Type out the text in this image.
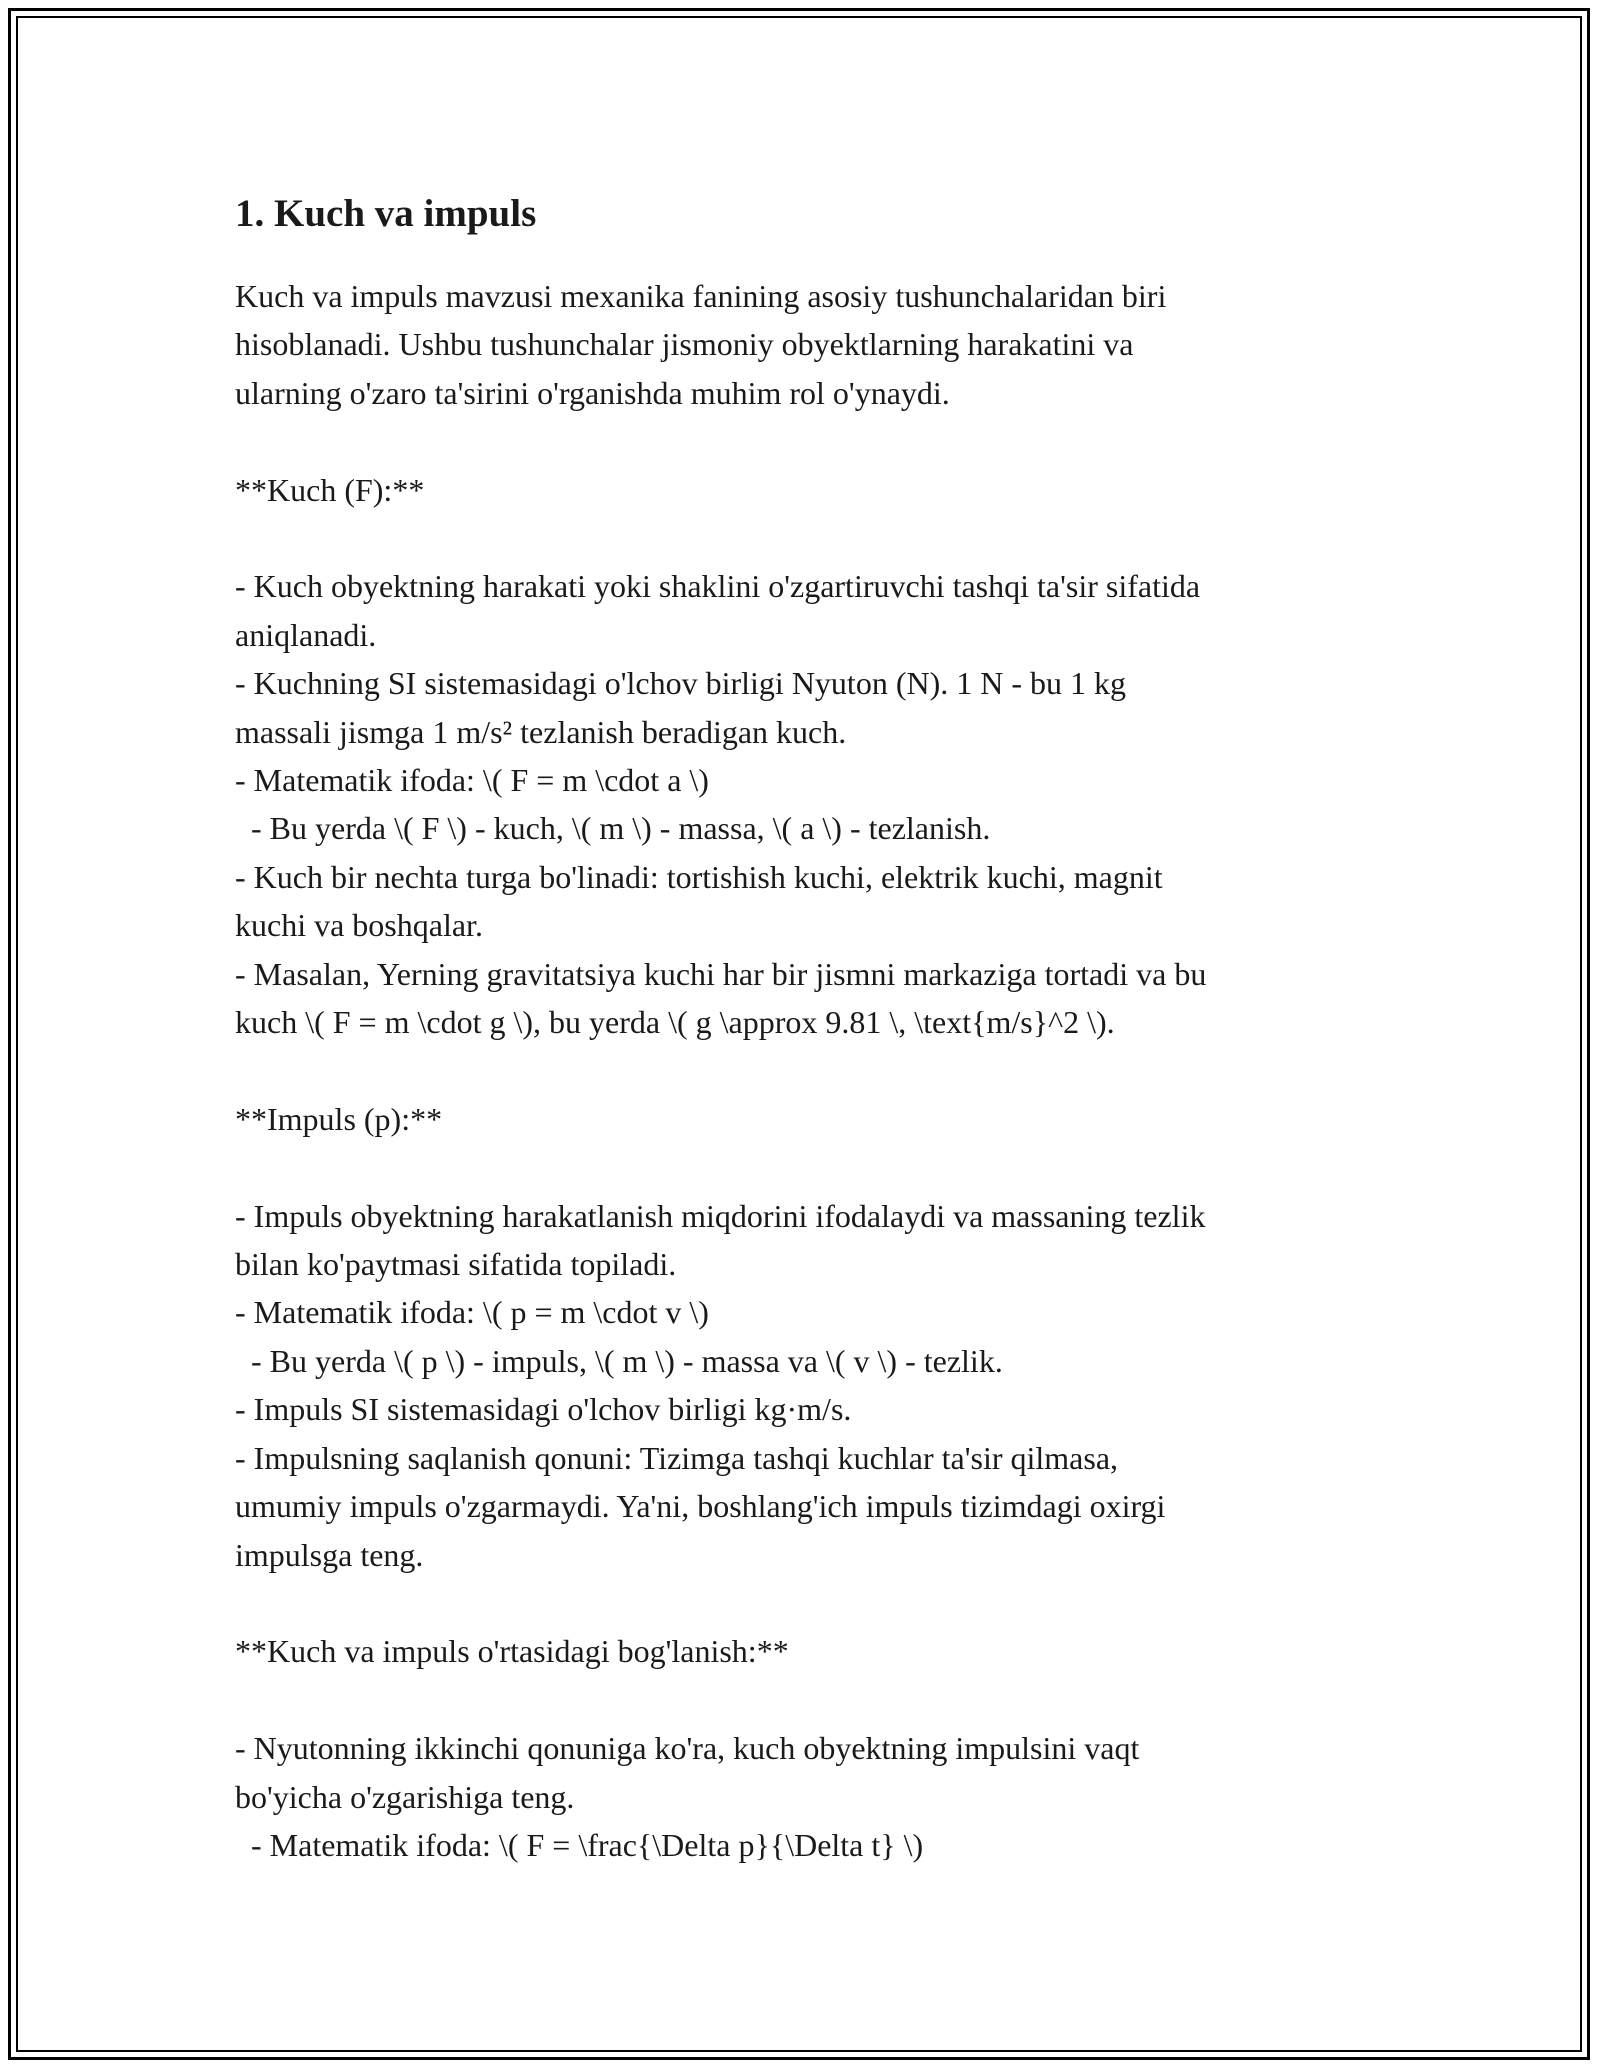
1. Kuch va impuls
Kuch va impuls mavzusi mexanika fanining asosiy tushunchalaridan biri
hisoblanadi. Ushbu tushunchalar jismoniy obyektlarning harakatini va
ularning o'zaro ta'sirini o'rganishda muhim rol o'ynaydi.
**Kuch (F):**
- Kuch obyektning harakati yoki shaklini o'zgartiruvchi tashqi ta'sir sifatida
aniqlanadi.
- Kuchning SI sistemasidagi o'lchov birligi Nyuton (N). 1 N - bu 1 kg
massali jismga 1 m/s² tezlanish beradigan kuch.
- Matematik ifoda: \( F = m \cdot a \)
- Bu yerda \( F \) - kuch, \( m \) - massa, \( a \) - tezlanish.
- Kuch bir nechta turga bo'linadi: tortishish kuchi, elektrik kuchi, magnit
kuchi va boshqalar.
- Masalan, Yerning gravitatsiya kuchi har bir jismni markaziga tortadi va bu
kuch \( F = m \cdot g \), bu yerda \( g \approx 9.81 \, \text{m/s}^2 \).
**Impuls (p):**
- Impuls obyektning harakatlanish miqdorini ifodalaydi va massaning tezlik
bilan ko'paytmasi sifatida topiladi.
- Matematik ifoda: \( p = m \cdot v \)
- Bu yerda \( p \) - impuls, \( m \) - massa va \( v \) - tezlik.
- Impuls SI sistemasidagi o'lchov birligi kg·m/s.
- Impulsning saqlanish qonuni: Tizimga tashqi kuchlar ta'sir qilmasa,
umumiy impuls o'zgarmaydi. Ya'ni, boshlang'ich impuls tizimdagi oxirgi
impulsga teng.
**Kuch va impuls o'rtasidagi bog'lanish:**
- Nyutonning ikkinchi qonuniga ko'ra, kuch obyektning impulsini vaqt
bo'yicha o'zgarishiga teng.
- Matematik ifoda: \( F = \frac{\Delta p}{\Delta t} \)
